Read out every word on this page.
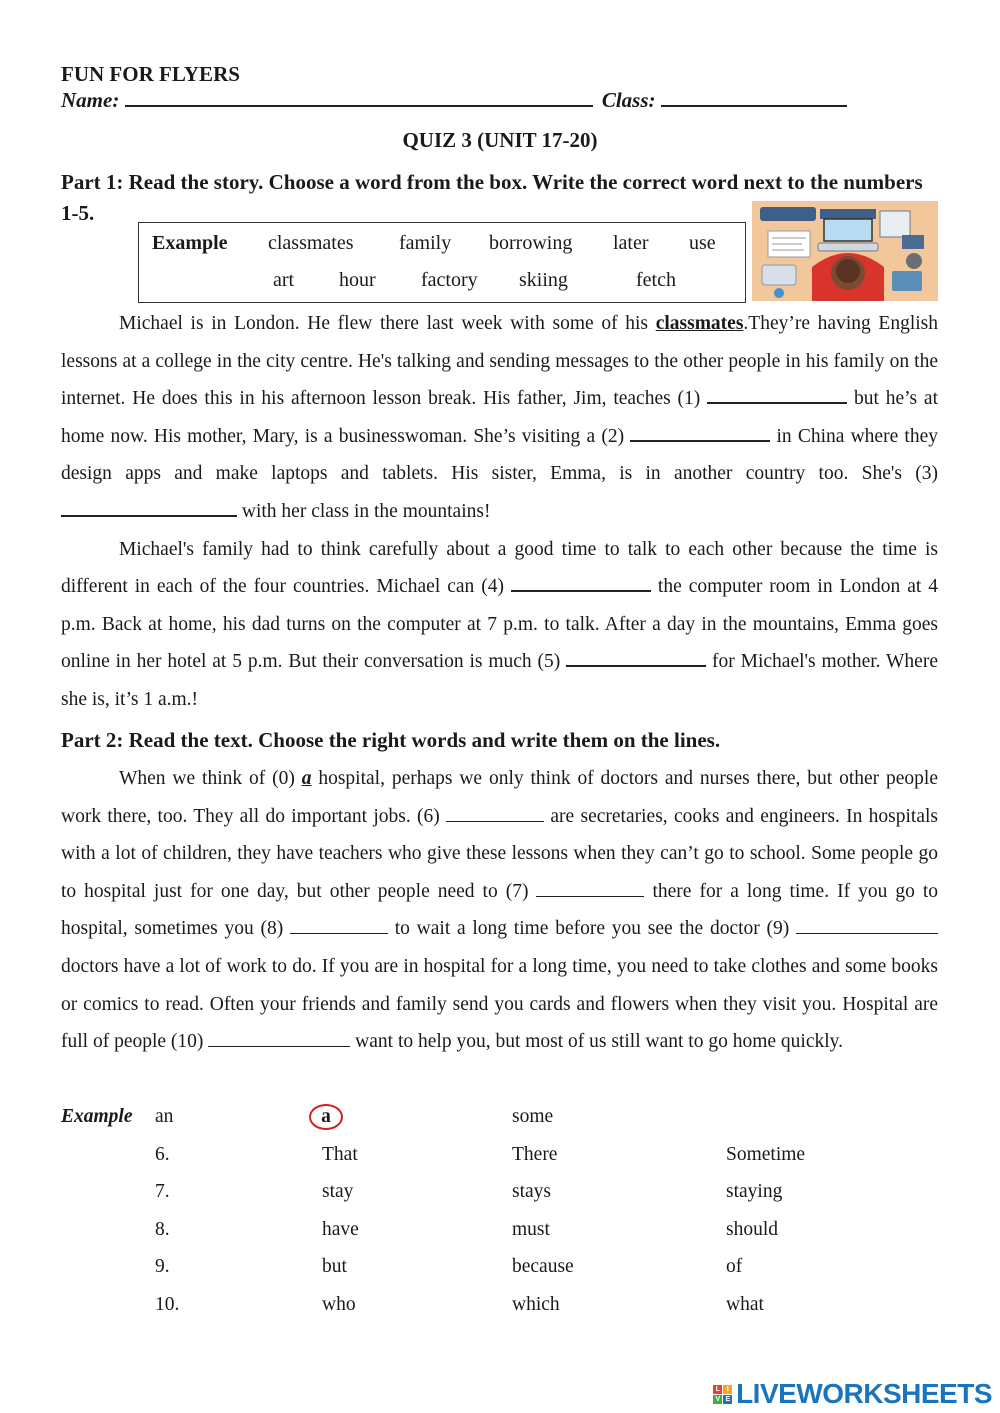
FUN FOR FLYERS
Name:	Class:
QUIZ 3 (UNIT 17-20)
Part 1: Read the story. Choose a word from the box. Write the correct word next to the numbers 1-5.
Example classmates family borrowing later use
art hour factory skiing	fetch

Michael is in London. He flew there last week with some of his classmates.They’re having English lessons at a college in the city centre. He's talking and sending messages to the other people in his family on the internet. He does this in his afternoon lesson break. His father, Jim, teaches (1)	but he’s at home now. His mother, Mary, is a businesswoman. She’s visiting a (2)	in China where they design apps and make laptops and tablets. His sister, Emma, is in another country too. She's (3)  with her class in the mountains!

Michael's family had to think carefully about a good time to talk to each other because the time is different in each of the four countries. Michael can (4)	the computer room in London at 4 p.m. Back at home, his dad turns on the computer at 7 p.m. to talk. After a day in the mountains, Emma goes online in her hotel at 5 p.m. But their conversation is much (5)	for Michael's mother. Where she is, it’s 1 a.m.!

Part 2: Read the text. Choose the right words and write them on the lines.

When we think of (0) a hospital, perhaps we only think of doctors and nurses there, but other people work there, too. They all do important jobs. (6)	are secretaries, cooks and engineers. In hospitals with a lot of children, they have teachers who give these lessons when they can’t go to school. Some people go to hospital just for one day, but other people need to (7)	there for a long time. If you go to hospital, sometimes you (8)	to wait a long time before you see the doctor (9)  doctors have a lot of work to do. If you are in hospital for a long time, you need to take clothes and some books or comics to read. Often your friends and family send you cards and flowers when they visit you. Hospital are full of people (10)	want to help you, but most of us still want to go home quickly.

Example an	a	some
6.	That	There	Sometime
7.	stay	stays	staying
8.	have	must	should
9.	but	because	of
10.	who	which	what
L	I
V E LIVEWORKSHEETS
